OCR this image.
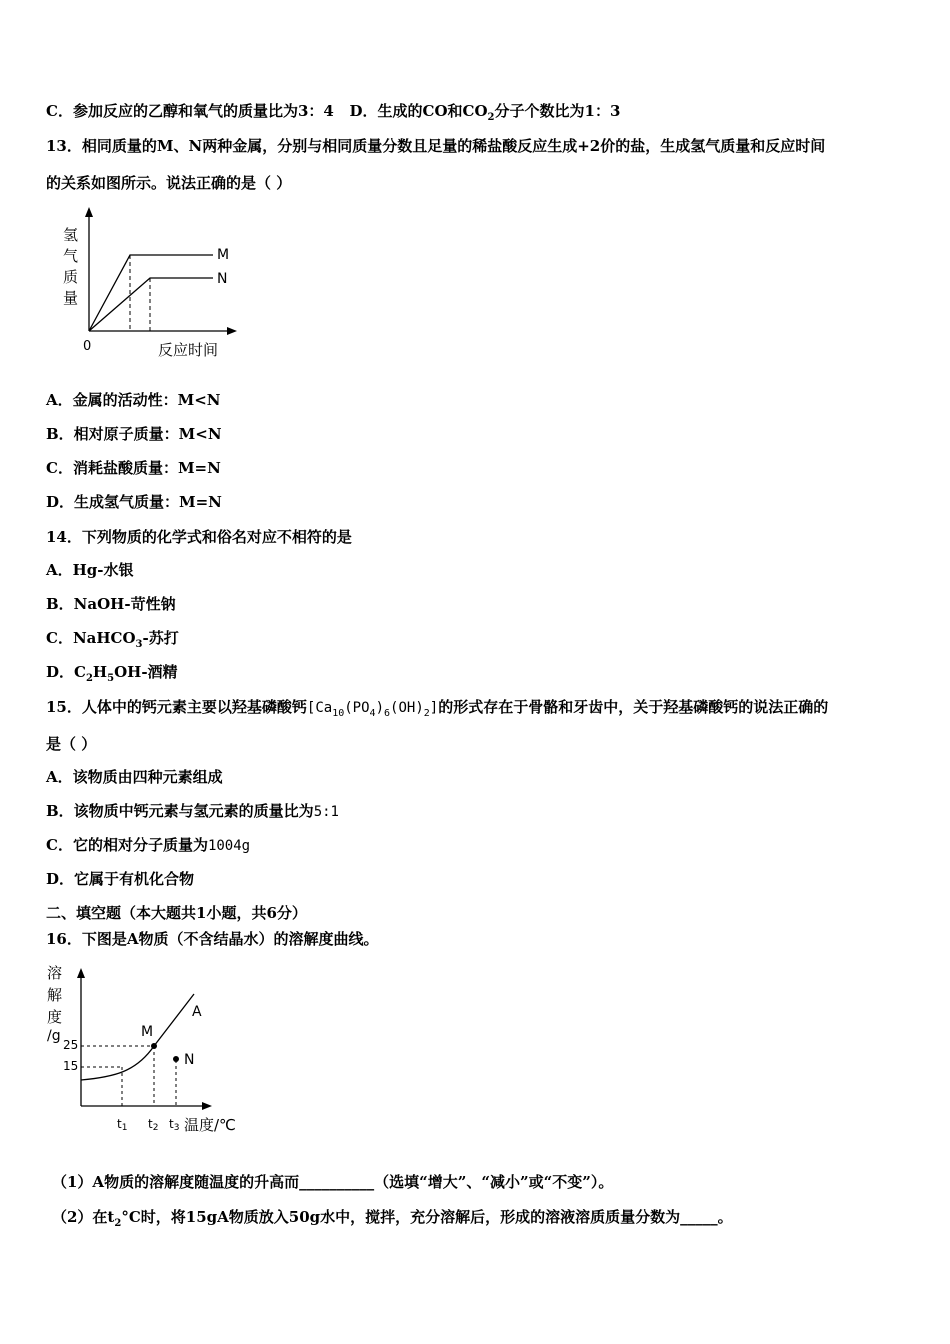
C．参加反应的乙醇和氧气的质量比为3：4 D．生成的CO和$CO_2$分子个数比为1：3
13．相同质量的M、N两种金属，分别与相同质量分数且足量的稀盐酸反应生成+2价的盐，生成氢气质量和反应时间
的关系如图所示。说法正确的是（ ）
氢
气
质
量
M
N
0	反应时间
A．金属的活动性：M<N
B．相对原子质量：M<N
C．消耗盐酸质量：M=N
D．生成氢气质量：M=N
14．下列物质的化学式和俗名对应不相符的是
A．Hg-水银
B．NaOH-苛性钠
C．NaHCO$_3$-苏打
D．$C_2H_5OH-$酒精
15．人体中的钙元素主要以羟基磷酸钙$[Ca_{10}(PO_4)_6(OH)_2]$的形式存在于骨骼和牙齿中，关于羟基磷酸钙的说法正确的
是（ ）
A．该物质由四种元素组成
B．该物质中钙元素与氢元素的质量比为5:1
C．它的相对分子质量为1004g
D．它属于有机化合物
二、填空题（本大题共1小题，共6分）
16．下图是A物质（不含结晶水）的溶解度曲线。
溶
解
度
/g
25
15
M
N
A
t1 t2 t3 温度/℃
（1）A物质的溶解度随温度的升高而__________（选填“增大”、“减小”或“不变”）。
（2）在$t_2^\circ C$时，将15gA物质放入50g水中，搅拌，充分溶解后，形成的溶液溶质质量分数为_____。
